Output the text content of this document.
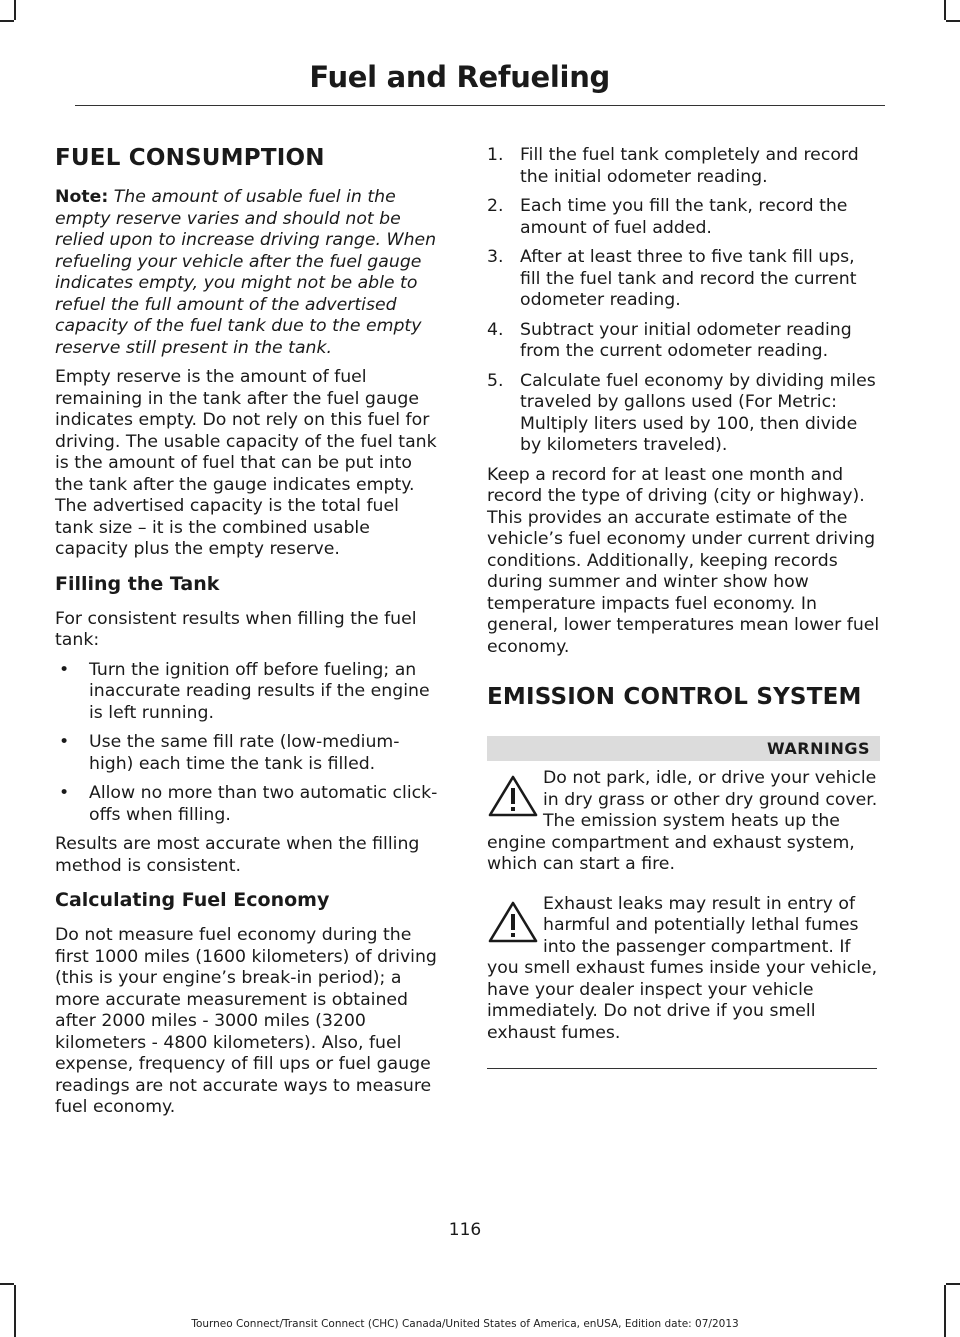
Fuel and Refueling
FUEL CONSUMPTION

Note: The amount of usable fuel in the empty reserve varies and should not be relied upon to increase driving range. When refueling your vehicle after the fuel gauge indicates empty, you might not be able to refuel the full amount of the advertised capacity of the fuel tank due to the empty reserve still present in the tank.

Empty reserve is the amount of fuel remaining in the tank after the fuel gauge indicates empty. Do not rely on this fuel for driving. The usable capacity of the fuel tank is the amount of fuel that can be put into the tank after the gauge indicates empty. The advertised capacity is the total fuel tank size – it is the combined usable capacity plus the empty reserve.

Filling the Tank

For consistent results when filling the fuel tank:

• Turn the ignition off before fueling; an inaccurate reading results if the engine is left running.
• Use the same fill rate (low-medium-high) each time the tank is filled.
• Allow no more than two automatic click-offs when filling.

Results are most accurate when the filling method is consistent.

Calculating Fuel Economy

Do not measure fuel economy during the first 1000 miles (1600 kilometers) of driving (this is your engine’s break-in period); a more accurate measurement is obtained after 2000 miles - 3000 miles (3200 kilometers - 4800 kilometers). Also, fuel expense, frequency of fill ups or fuel gauge readings are not accurate ways to measure fuel economy.

1. Fill the fuel tank completely and record the initial odometer reading.
2. Each time you fill the tank, record the amount of fuel added.
3. After at least three to five tank fill ups, fill the fuel tank and record the current odometer reading.
4. Subtract your initial odometer reading from the current odometer reading.
5. Calculate fuel economy by dividing miles traveled by gallons used (For Metric: Multiply liters used by 100, then divide by kilometers traveled).

Keep a record for at least one month and record the type of driving (city or highway). This provides an accurate estimate of the vehicle’s fuel economy under current driving conditions. Additionally, keeping records during summer and winter show how temperature impacts fuel economy. In general, lower temperatures mean lower fuel economy.

EMISSION CONTROL SYSTEM
WARNINGS

Do not park, idle, or drive your vehicle in dry grass or other dry ground cover. The emission system heats up the engine compartment and exhaust system, which can start a fire.

Exhaust leaks may result in entry of harmful and potentially lethal fumes into the passenger compartment. If you smell exhaust fumes inside your vehicle, have your dealer inspect your vehicle immediately. Do not drive if you smell exhaust fumes.

116
Tourneo Connect/Transit Connect (CHC) Canada/United States of America, enUSA, Edition date: 07/2013
